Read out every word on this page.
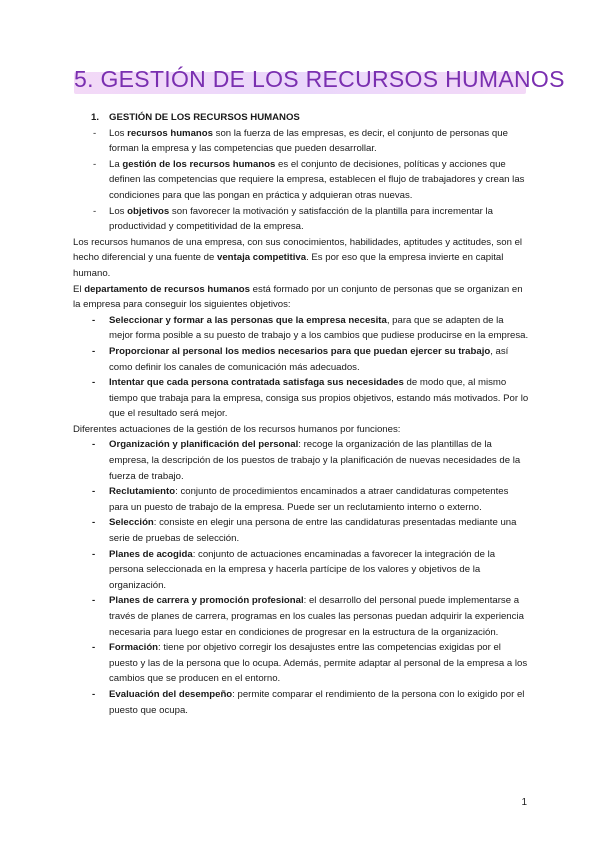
5. GESTIÓN DE LOS RECURSOS HUMANOS
1. GESTIÓN DE LOS RECURSOS HUMANOS
- Los recursos humanos son la fuerza de las empresas, es decir, el conjunto de personas que forman la empresa y las competencias que pueden desarrollar.
- La gestión de los recursos humanos es el conjunto de decisiones, políticas y acciones que definen las competencias que requiere la empresa, establecen el flujo de trabajadores y crean las condiciones para que las pongan en práctica y adquieran otras nuevas.
- Los objetivos son favorecer la motivación y satisfacción de la plantilla para incrementar la productividad y competitividad de la empresa.

Los recursos humanos de una empresa, con sus conocimientos, habilidades, aptitudes y actitudes, son el hecho diferencial y una fuente de ventaja competitiva. Es por eso que la empresa invierte en capital humano.

El departamento de recursos humanos está formado por un conjunto de personas que se organizan en la empresa para conseguir los siguientes objetivos:

- Seleccionar y formar a las personas que la empresa necesita, para que se adapten de la mejor forma posible a su puesto de trabajo y a los cambios que pudiese producirse en la empresa.
- Proporcionar al personal los medios necesarios para que puedan ejercer su trabajo, así como definir los canales de comunicación más adecuados.
- Intentar que cada persona contratada satisfaga sus necesidades de modo que, al mismo tiempo que trabaja para la empresa, consiga sus propios objetivos, estando más motivados. Por lo que el resultado será mejor.

Diferentes actuaciones de la gestión de los recursos humanos por funciones:

- Organización y planificación del personal: recoge la organización de las plantillas de la empresa, la descripción de los puestos de trabajo y la planificación de nuevas necesidades de la fuerza de trabajo.
- Reclutamiento: conjunto de procedimientos encaminados a atraer candidaturas competentes para un puesto de trabajo de la empresa. Puede ser un reclutamiento interno o externo.
- Selección: consiste en elegir una persona de entre las candidaturas presentadas mediante una serie de pruebas de selección.
- Planes de acogida: conjunto de actuaciones encaminadas a favorecer la integración de la persona seleccionada en la empresa y hacerla partícipe de los valores y objetivos de la organización.
- Planes de carrera y promoción profesional: el desarrollo del personal puede implementarse a través de planes de carrera, programas en los cuales las personas puedan adquirir la experiencia necesaria para luego estar en condiciones de progresar en la estructura de la organización.
- Formación: tiene por objetivo corregir los desajustes entre las competencias exigidas por el puesto y las de la persona que lo ocupa. Además, permite adaptar al personal de la empresa a los cambios que se producen en el entorno.
- Evaluación del desempeño: permite comparar el rendimiento de la persona con lo exigido por el puesto que ocupa.
1
